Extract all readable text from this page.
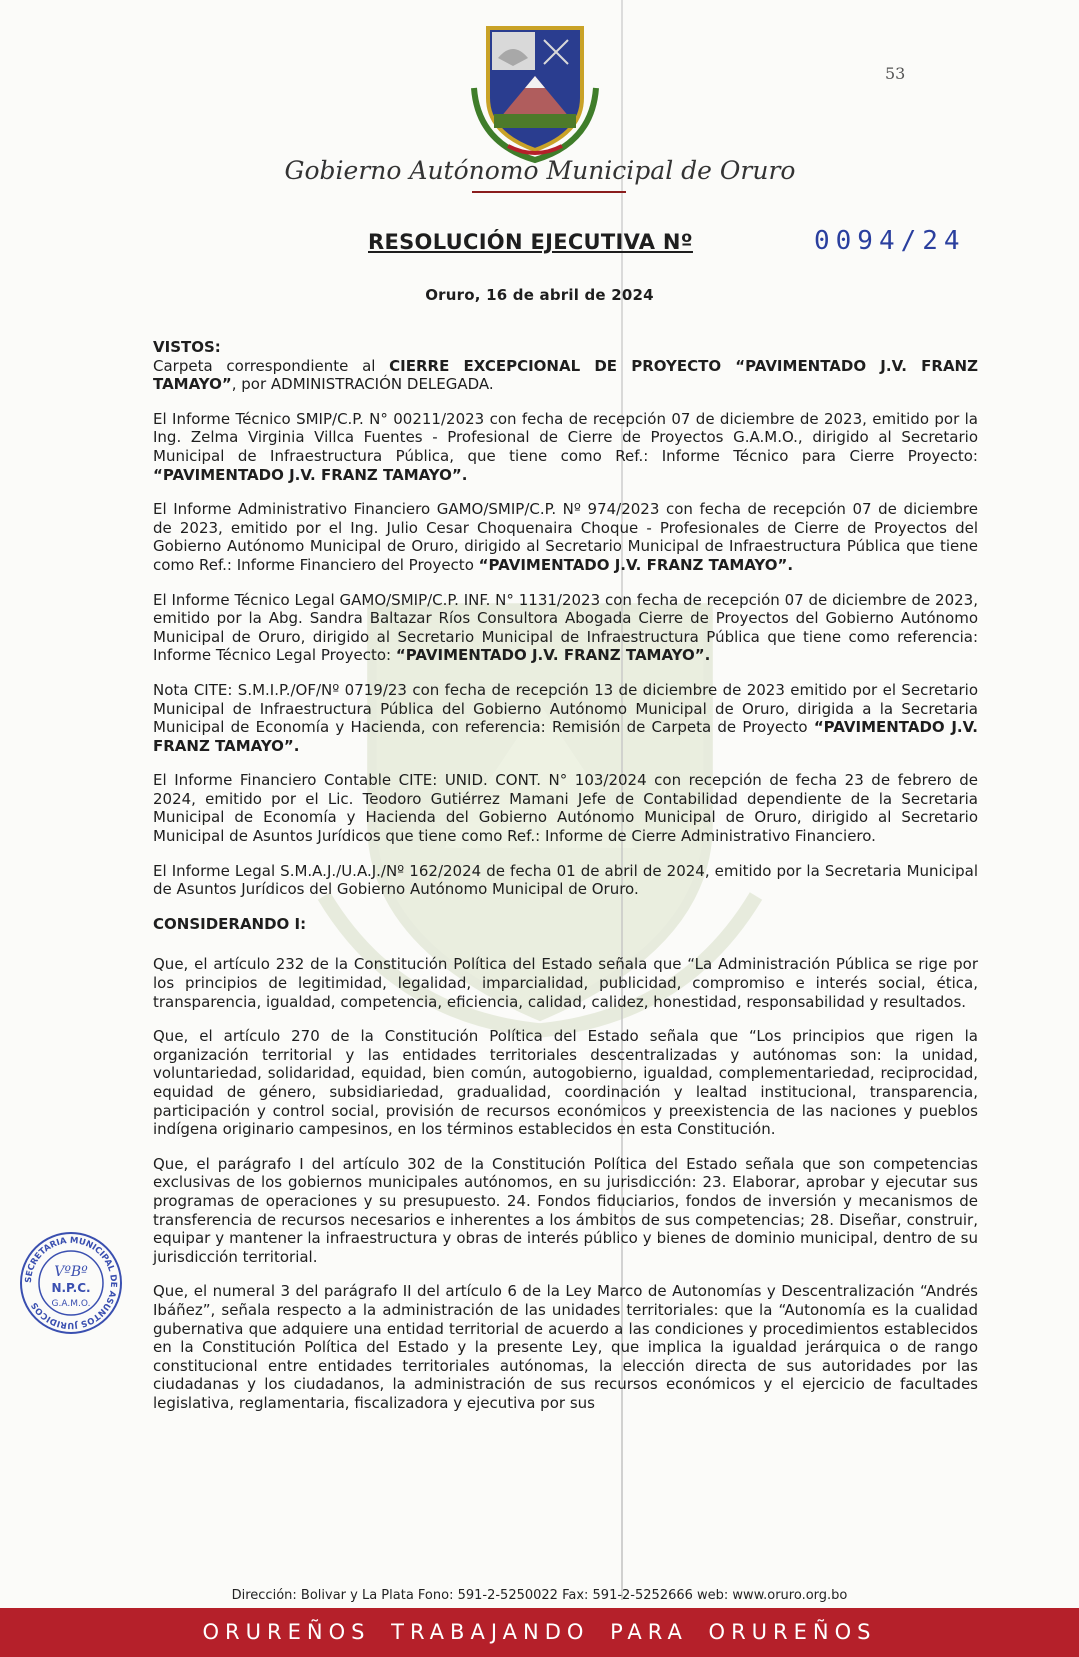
53
Gobierno Autónomo Municipal de Oruro
RESOLUCIÓN EJECUTIVA Nº	0094/24
Oruro, 16 de abril de 2024
VISTOS:

Carpeta correspondiente al CIERRE EXCEPCIONAL DE PROYECTO “PAVIMENTADO J.V. FRANZ TAMAYO”, por ADMINISTRACIÓN DELEGADA.

El Informe Técnico SMIP/C.P. N° 00211/2023 con fecha de recepción 07 de diciembre de 2023, emitido por la Ing. Zelma Virginia Villca Fuentes - Profesional de Cierre de Proyectos G.A.M.O., dirigido al Secretario Municipal de Infraestructura Pública, que tiene como Ref.: Informe Técnico para Cierre Proyecto: “PAVIMENTADO J.V. FRANZ TAMAYO”.

El Informe Administrativo Financiero GAMO/SMIP/C.P. Nº 974/2023 con fecha de recepción 07 de diciembre de 2023, emitido por el Ing. Julio Cesar Choquenaira Choque - Profesionales de Cierre de Proyectos del Gobierno Autónomo Municipal de Oruro, dirigido al Secretario Municipal de Infraestructura Pública que tiene como Ref.: Informe Financiero del Proyecto “PAVIMENTADO J.V. FRANZ TAMAYO”.

El Informe Técnico Legal GAMO/SMIP/C.P. INF. N° 1131/2023 con fecha de recepción 07 de diciembre de 2023, emitido por la Abg. Sandra Baltazar Ríos Consultora Abogada Cierre de Proyectos del Gobierno Autónomo Municipal de Oruro, dirigido al Secretario Municipal de Infraestructura Pública que tiene como referencia: Informe Técnico Legal Proyecto: “PAVIMENTADO J.V. FRANZ TAMAYO”.

Nota CITE: S.M.I.P./OF/Nº 0719/23 con fecha de recepción 13 de diciembre de 2023 emitido por el Secretario Municipal de Infraestructura Pública del Gobierno Autónomo Municipal de Oruro, dirigida a la Secretaria Municipal de Economía y Hacienda, con referencia: Remisión de Carpeta de Proyecto “PAVIMENTADO J.V. FRANZ TAMAYO”.

El Informe Financiero Contable CITE: UNID. CONT. N° 103/2024 con recepción de fecha 23 de febrero de 2024, emitido por el Lic. Teodoro Gutiérrez Mamani Jefe de Contabilidad dependiente de la Secretaria Municipal de Economía y Hacienda del Gobierno Autónomo Municipal de Oruro, dirigido al Secretario Municipal de Asuntos Jurídicos que tiene como Ref.: Informe de Cierre Administrativo Financiero.

El Informe Legal S.M.A.J./U.A.J./Nº 162/2024 de fecha 01 de abril de 2024, emitido por la Secretaria Municipal de Asuntos Jurídicos del Gobierno Autónomo Municipal de Oruro.

CONSIDERANDO I:

Que, el artículo 232 de la Constitución Política del Estado señala que “La Administración Pública se rige por los principios de legitimidad, legalidad, imparcialidad, publicidad, compromiso e interés social, ética, transparencia, igualdad, competencia, eficiencia, calidad, calidez, honestidad, responsabilidad y resultados.

Que, el artículo 270 de la Constitución Política del Estado señala que “Los principios que rigen la organización territorial y las entidades territoriales descentralizadas y autónomas son: la unidad, voluntariedad, solidaridad, equidad, bien común, autogobierno, igualdad, complementariedad, reciprocidad, equidad de género, subsidiariedad, gradualidad, coordinación y lealtad institucional, transparencia, participación y control social, provisión de recursos económicos y preexistencia de las naciones y pueblos indígena originario campesinos, en los términos establecidos en esta Constitución.

Que, el parágrafo I del artículo 302 de la Constitución Política del Estado señala que son competencias exclusivas de los gobiernos municipales autónomos, en su jurisdicción: 23. Elaborar, aprobar y ejecutar sus programas de operaciones y su presupuesto. 24. Fondos fiduciarios, fondos de inversión y mecanismos de transferencia de recursos necesarios e inherentes a los ámbitos de sus competencias; 28. Diseñar, construir, equipar y mantener la infraestructura y obras de interés público y bienes de dominio municipal, dentro de su jurisdicción territorial.

Que, el numeral 3 del parágrafo II del artículo 6 de la Ley Marco de Autonomías y Descentralización “Andrés Ibáñez”, señala respecto a la administración de las unidades territoriales: que la “Autonomía es la cualidad gubernativa que adquiere una entidad territorial de acuerdo a las condiciones y procedimientos establecidos en la Constitución Política del Estado y la presente Ley, que implica la igualdad jerárquica o de rango constitucional entre entidades territoriales autónomas, la elección directa de sus autoridades por las ciudadanas y los ciudadanos, la administración de sus recursos económicos y el ejercicio de facultades legislativa, reglamentaria, fiscalizadora y ejecutiva por sus

SECRETARIA MUNICIPAL DE ASUNTOS JURIDICOS
VºBº
N.P.C.
G.A.M.O.
Dirección: Bolivar y La Plata Fono: 591-2-5250022 Fax: 591-2-5252666 web: www.oruro.org.bo
ORUREÑOS TRABAJANDO PARA ORUREÑOS
